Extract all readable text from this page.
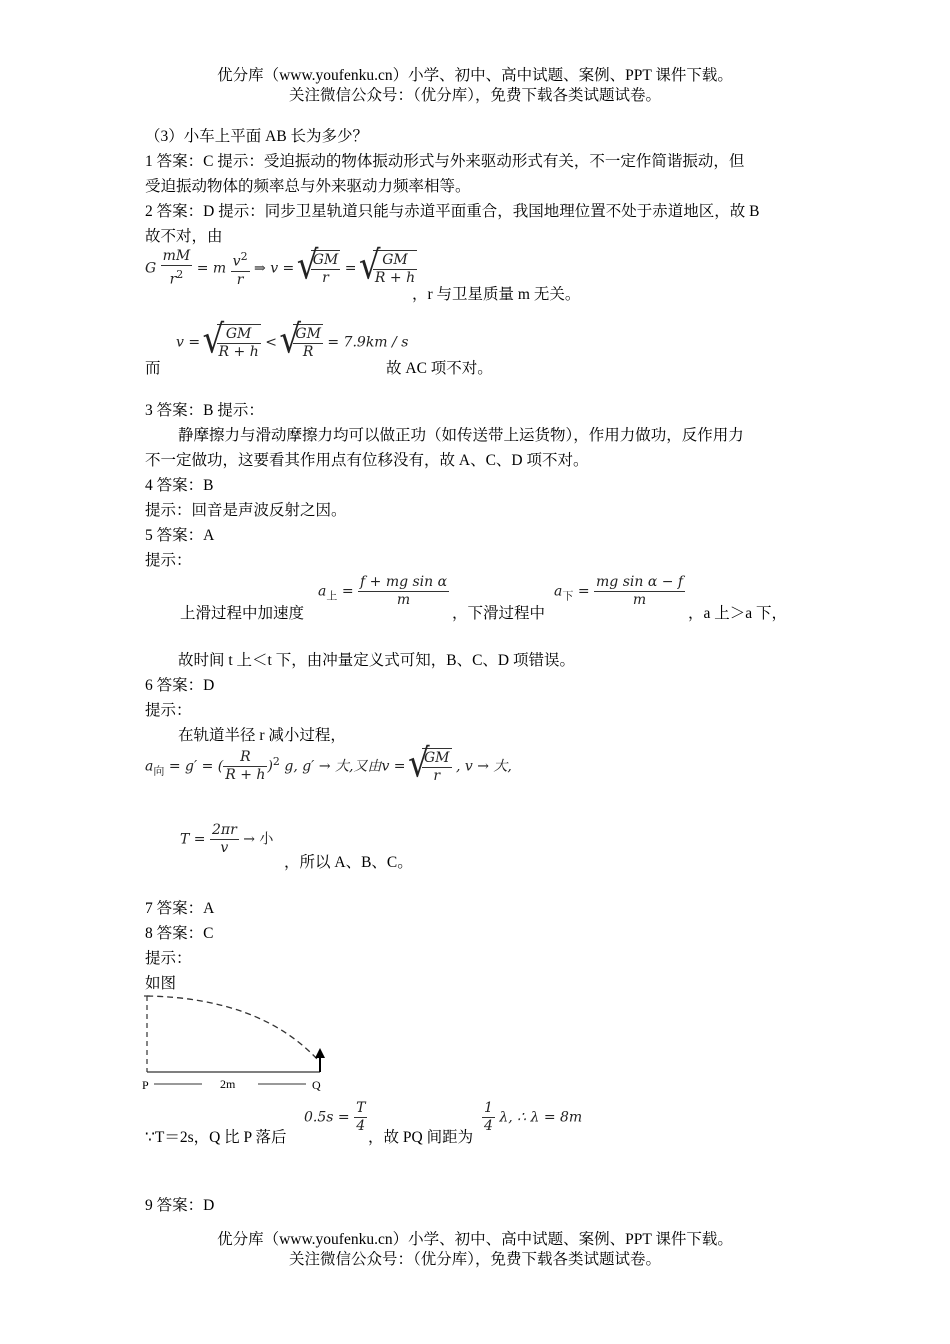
优分库（www.youfenku.cn）小学、初中、高中试题、案例、PPT 课件下载。
关注微信公众号：（优分库），免费下载各类试题试卷。
（3）小车上平面 AB 长为多少？
1 答案：C 提示：受迫振动的物体振动形式与外来驱动形式有关，不一定作简谐振动，但
受迫振动物体的频率总与外来驱动力频率相等。
2 答案：D 提示：同步卫星轨道只能与赤道平面重合，我国地理位置不处于赤道地区，故 B
故不对，由
G $\frac{mM}{r^2} = m \frac{v^2}{r}$ ⇒ v = √ $\frac{GM}{r}$ = √ $\frac{GM}{R + h}$
，r 与卫星质量 m 无关。
而
v = √ $\frac{GM}{R + h}$ < √ $\frac{GM}{R} = 7.9km / s$
故 AC 项不对。
3 答案：B 提示：
静摩擦力与滑动摩擦力均可以做正功（如传送带上运货物），作用力做功，反作用力
不一定做功，这要看其作用点有位移没有，故 A、C、D 项不对。
4 答案：B
提示：回音是声波反射之因。
5 答案：A
提示：
上滑过程中加速度
$a_上 = \frac{\text{f + mg sin α}}{m}$
，下滑过程中
$a_下 = \frac{\text{mg sin α − f}}{m}$
，a 上＞a 下，
故时间 t 上＜t 下，由冲量定义式可知，B、C、D 项错误。
6 答案：D
提示：
在轨道半径 r 减小过程，
$a_向 = g'$ = ( $\frac{R}{R + h} )^2$ g, g′ → 大,又由v = √ $\frac{GM}{r}$ , v → 大,
$T = \frac{2\pi r}{v}$ → 小
，所以 A、B、C。
7 答案：A
8 答案：C
提示：
如图
P	2m	Q
∵T＝2s，Q 比 P 落后
$0.5s = \frac{T}{4}$
，故 PQ 间距为
$\frac{1}{4} \lambda$, ∴ λ = 8m
9 答案：D
优分库（www.youfenku.cn）小学、初中、高中试题、案例、PPT 课件下载。
关注微信公众号：（优分库），免费下载各类试题试卷。
